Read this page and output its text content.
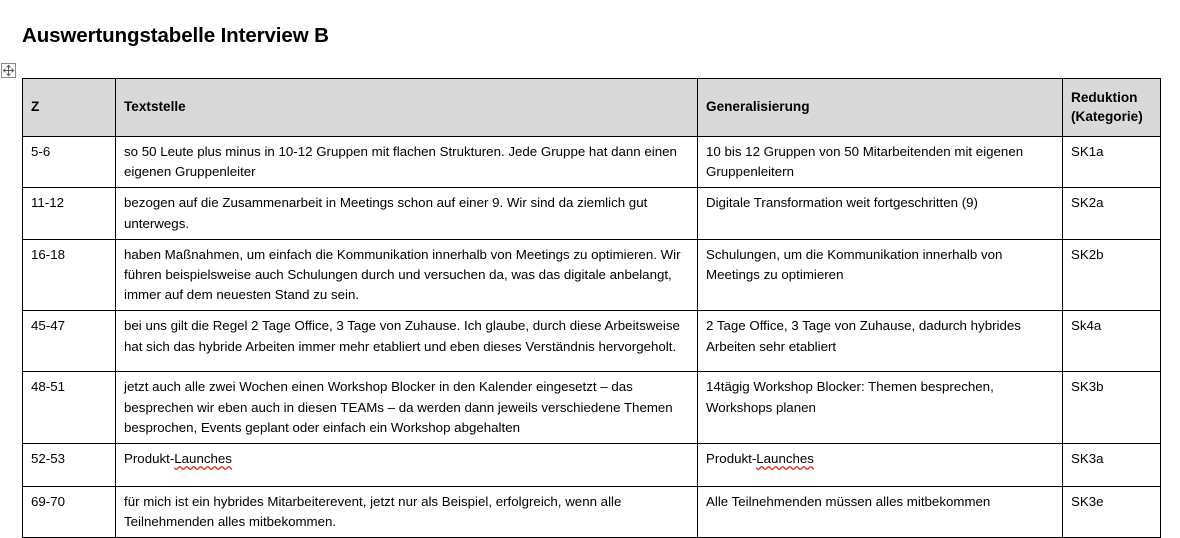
Auswertungstabelle Interview B
Z	Textstelle	Generalisierung	Reduktion
(Kategorie)
5-6	so 50 Leute plus minus in 10-12 Gruppen mit flachen Strukturen. Jede Gruppe hat dann einen eigenen Gruppenleiter	10 bis 12 Gruppen von 50 Mitarbeitenden mit eigenen Gruppenleitern	SK1a
11-12	bezogen auf die Zusammenarbeit in Meetings schon auf einer 9. Wir sind da ziemlich gut unterwegs.	Digitale Transformation weit fortgeschritten (9)	SK2a
16-18	haben Maßnahmen, um einfach die Kommunikation innerhalb von Meetings zu optimieren. Wir führen beispielsweise auch Schulungen durch und versuchen da, was das digitale anbelangt, immer auf dem neuesten Stand zu sein.	Schulungen, um die Kommunikation innerhalb von Meetings zu optimieren	SK2b
45-47	bei uns gilt die Regel 2 Tage Office, 3 Tage von Zuhause. Ich glaube, durch diese Arbeitsweise hat sich das hybride Arbeiten immer mehr etabliert und eben dieses Verständnis hervorgeholt.	2 Tage Office, 3 Tage von Zuhause, dadurch hybrides Arbeiten sehr etabliert	Sk4a
48-51	jetzt auch alle zwei Wochen einen Workshop Blocker in den Kalender eingesetzt – das besprechen wir eben auch in diesen TEAMs – da werden dann jeweils verschiedene Themen besprochen, Events geplant oder einfach ein Workshop abgehalten	14tägig Workshop Blocker: Themen besprechen, Workshops planen	SK3b
52-53	Produkt-Launches	Produkt-Launches	SK3a
69-70	für mich ist ein hybrides Mitarbeiterevent, jetzt nur als Beispiel, erfolgreich, wenn alle Teilnehmenden alles mitbekommen.	Alle Teilnehmenden müssen alles mitbekommen	SK3e
